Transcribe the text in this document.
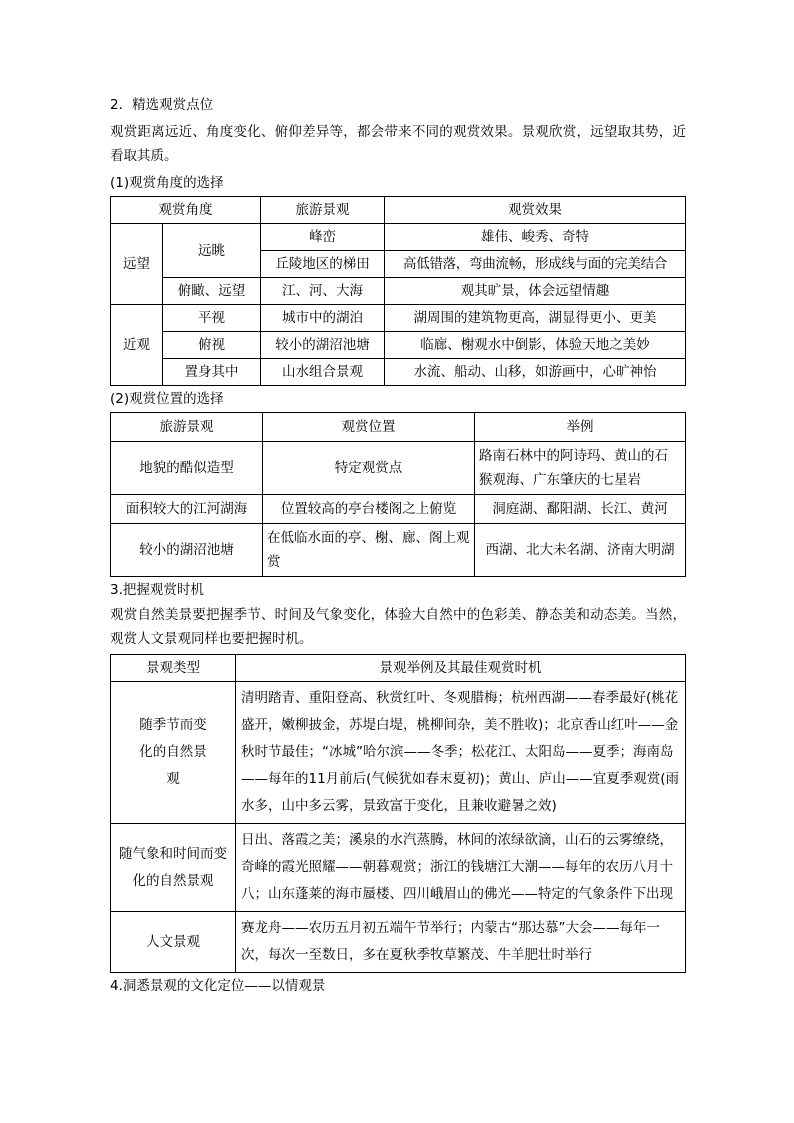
2．精选观赏点位

观赏距离远近、角度变化、俯仰差异等，都会带来不同的观赏效果。景观欣赏，远望取其势，近看取其质。

(1)观赏角度的选择

观赏角度		旅游景观	观赏效果
远望	远眺	峰峦	雄伟、峻秀、奇特
		丘陵地区的梯田	高低错落，弯曲流畅，形成线与面的完美结合
	俯瞰、远望	江、河、大海	观其旷景，体会远望情趣
近观	平视	城市中的湖泊	湖周围的建筑物更高，湖显得更小、更美
	俯视	较小的湖沼池塘	临廊、榭观水中倒影，体验天地之美妙
	置身其中	山水组合景观	水流、船动、山移，如游画中，心旷神怡

(2)观赏位置的选择

旅游景观	观赏位置	举例
地貌的酷似造型	特定观赏点	路南石林中的阿诗玛、黄山的石猴观海、广东肇庆的七星岩
面积较大的江河湖海	位置较高的亭台楼阁之上俯览	洞庭湖、鄱阳湖、长江、黄河
较小的湖沼池塘	在低临水面的亭、榭、廊、阁上观赏	西湖、北大未名湖、济南大明湖

3.把握观赏时机

观赏自然美景要把握季节、时间及气象变化，体验大自然中的色彩美、静态美和动态美。当然，观赏人文景观同样也要把握时机。

景观类型	景观举例及其最佳观赏时机
随季节而变化的自然景观	清明踏青、重阳登高、秋赏红叶、冬观腊梅；杭州西湖——春季最好(桃花盛开，嫩柳披金，苏堤白堤，桃柳间杂，美不胜收)；北京香山红叶——金秋时节最佳；“冰城”哈尔滨——冬季；松花江、太阳岛——夏季；海南岛——每年的11月前后(气候犹如春末夏初)；黄山、庐山——宜夏季观赏(雨水多，山中多云雾，景致富于变化，且兼收避暑之效)
随气象和时间而变化的自然景观	日出、落霞之美；溪泉的水汽蒸腾，林间的浓绿欲滴，山石的云雾缭绕，奇峰的霞光照耀——朝暮观赏；浙江的钱塘江大潮——每年的农历八月十八；山东蓬莱的海市蜃楼、四川峨眉山的佛光——特定的气象条件下出现
人文景观	赛龙舟——农历五月初五端午节举行；内蒙古“那达慕”大会——每年一次，每次一至数日，多在夏秋季牧草繁茂、牛羊肥壮时举行

4.洞悉景观的文化定位——以情观景
